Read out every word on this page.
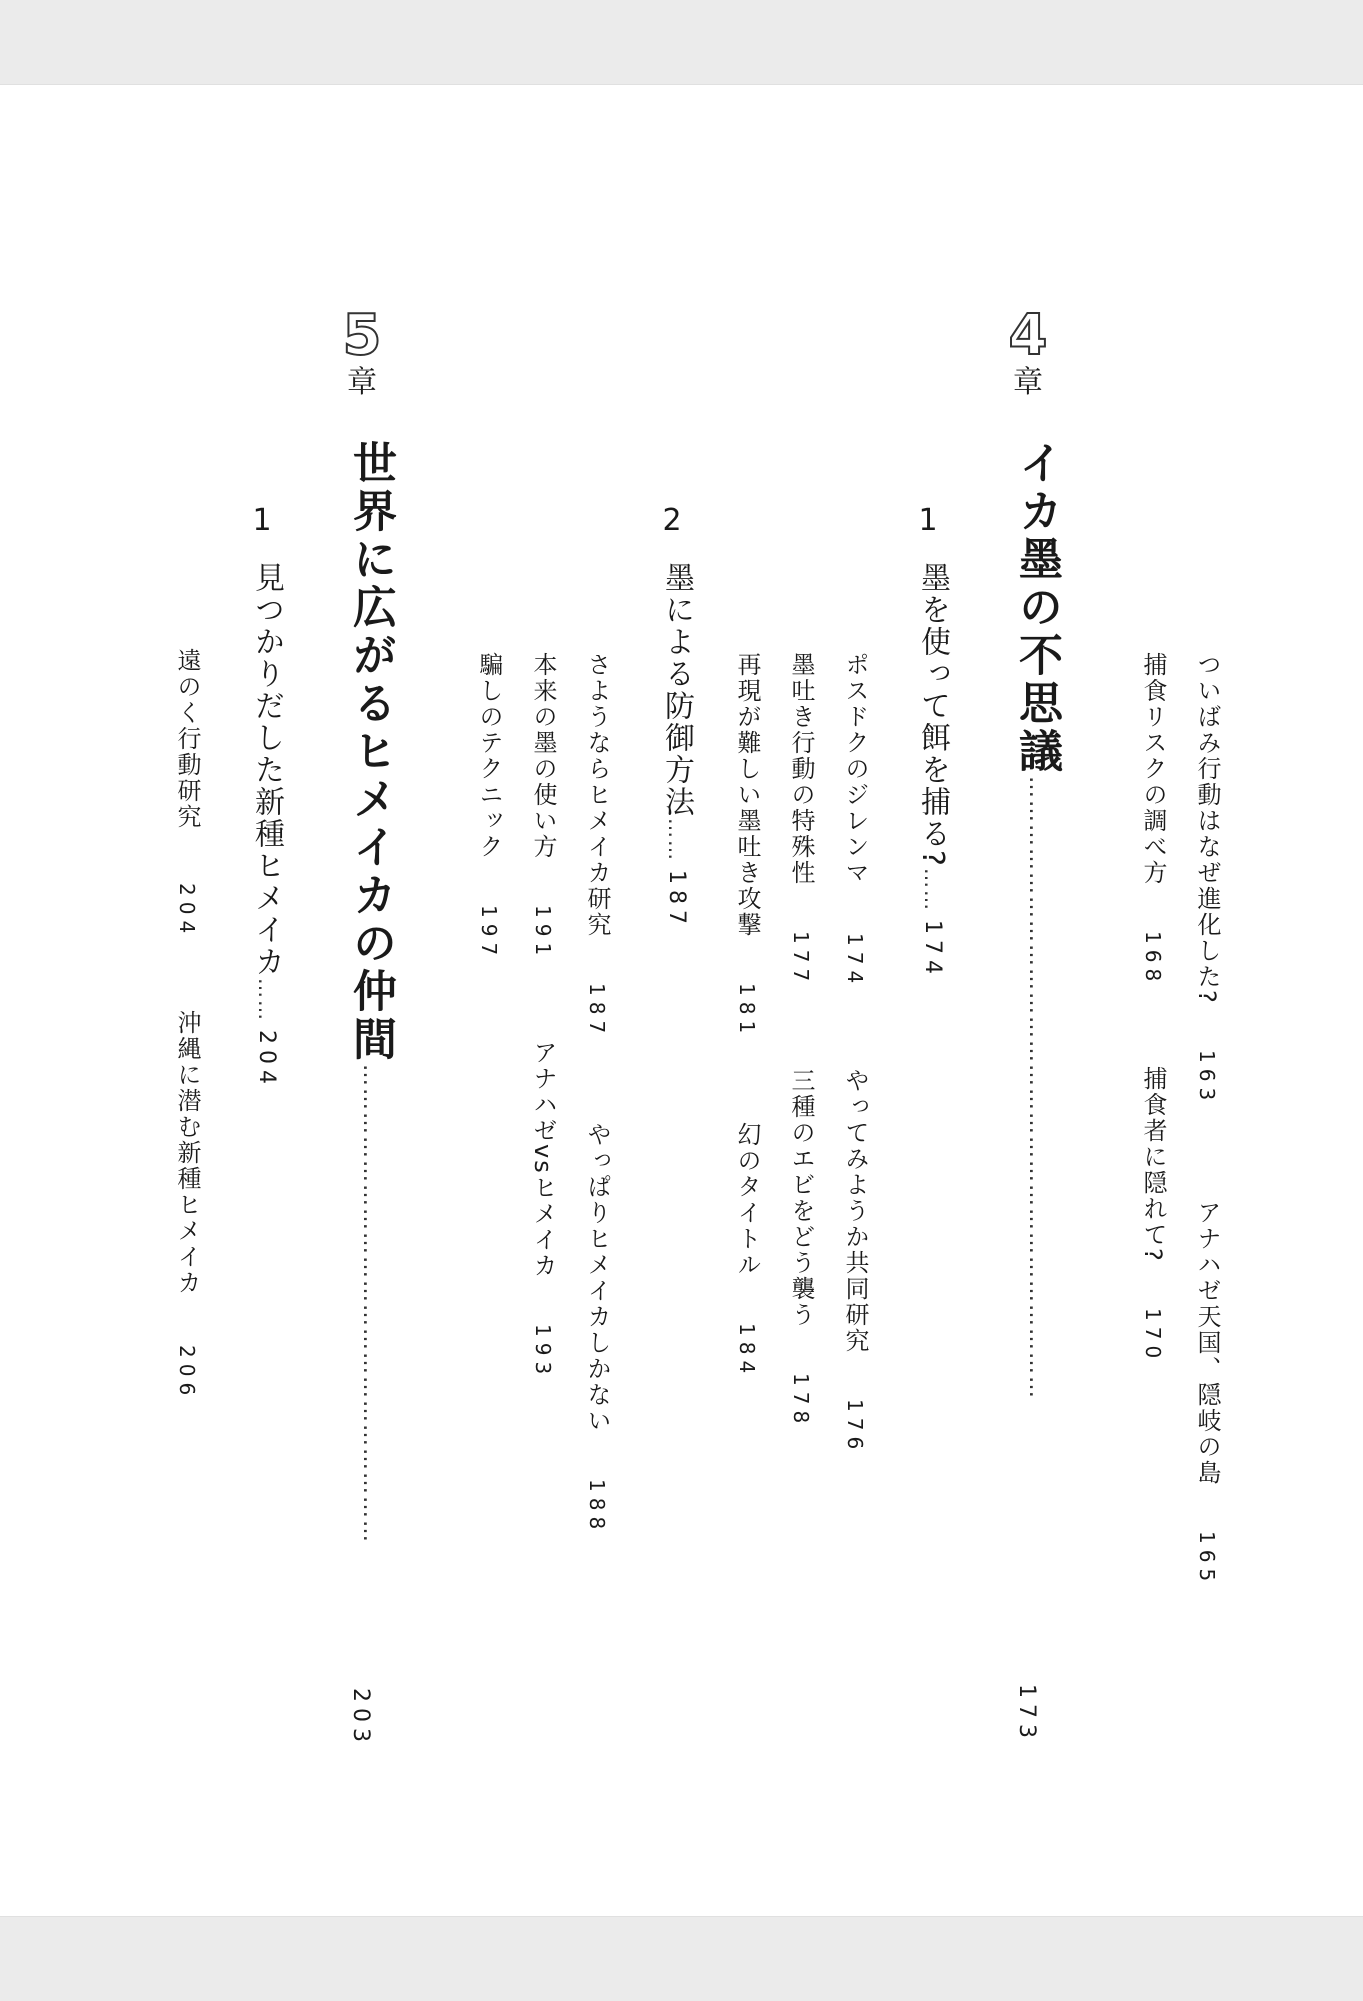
4
章
イカ墨の不思議……………………………………………………………………
173
ついばみ行動はなぜ進化した? 163
アナハゼ天国、隠岐の島 165
捕食リスクの調べ方 168
捕食者に隠れて? 170
1
墨を使って餌を捕る?……174
ポスドクのジレンマ 174
やってみようか共同研究 176
墨吐き行動の特殊性 177
三種のエビをどう襲う 178
再現が難しい墨吐き攻撃 181
幻のタイトル 184
2
墨による防御方法……187
さようならヒメイカ研究 187
やっぱりヒメイカしかない 188
本来の墨の使い方 191
アナハゼvsヒメイカ 193
騙しのテクニック 197
5
章
世界に広がるヒメイカの仲間……………………………………………………
203
1
見つかりだした新種ヒメイカ……204
遠のく行動研究 204
沖縄に潜む新種ヒメイカ 206
